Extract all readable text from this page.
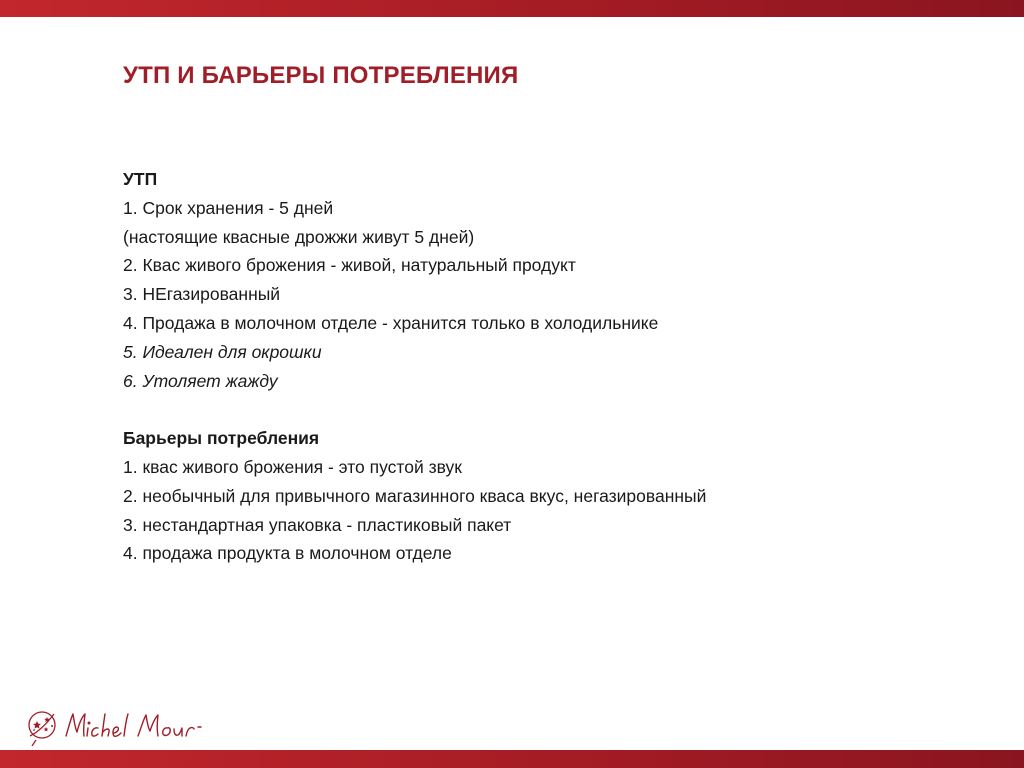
УТП И БАРЬЕРЫ ПОТРЕБЛЕНИЯ
УТП
1. Срок хранения - 5 дней
(настоящие квасные дрожжи живут 5 дней)
2. Квас живого брожения - живой, натуральный продукт
3. НЕгазированный
4. Продажа в молочном отделе - хранится только в холодильнике
5. Идеален для окрошки
6. Утоляет жажду
Барьеры потребления
1. квас живого брожения - это пустой звук
2. необычный для привычного магазинного кваса вкус, негазированный
3. нестандартная упаковка - пластиковый пакет
4. продажа продукта в молочном отделе
